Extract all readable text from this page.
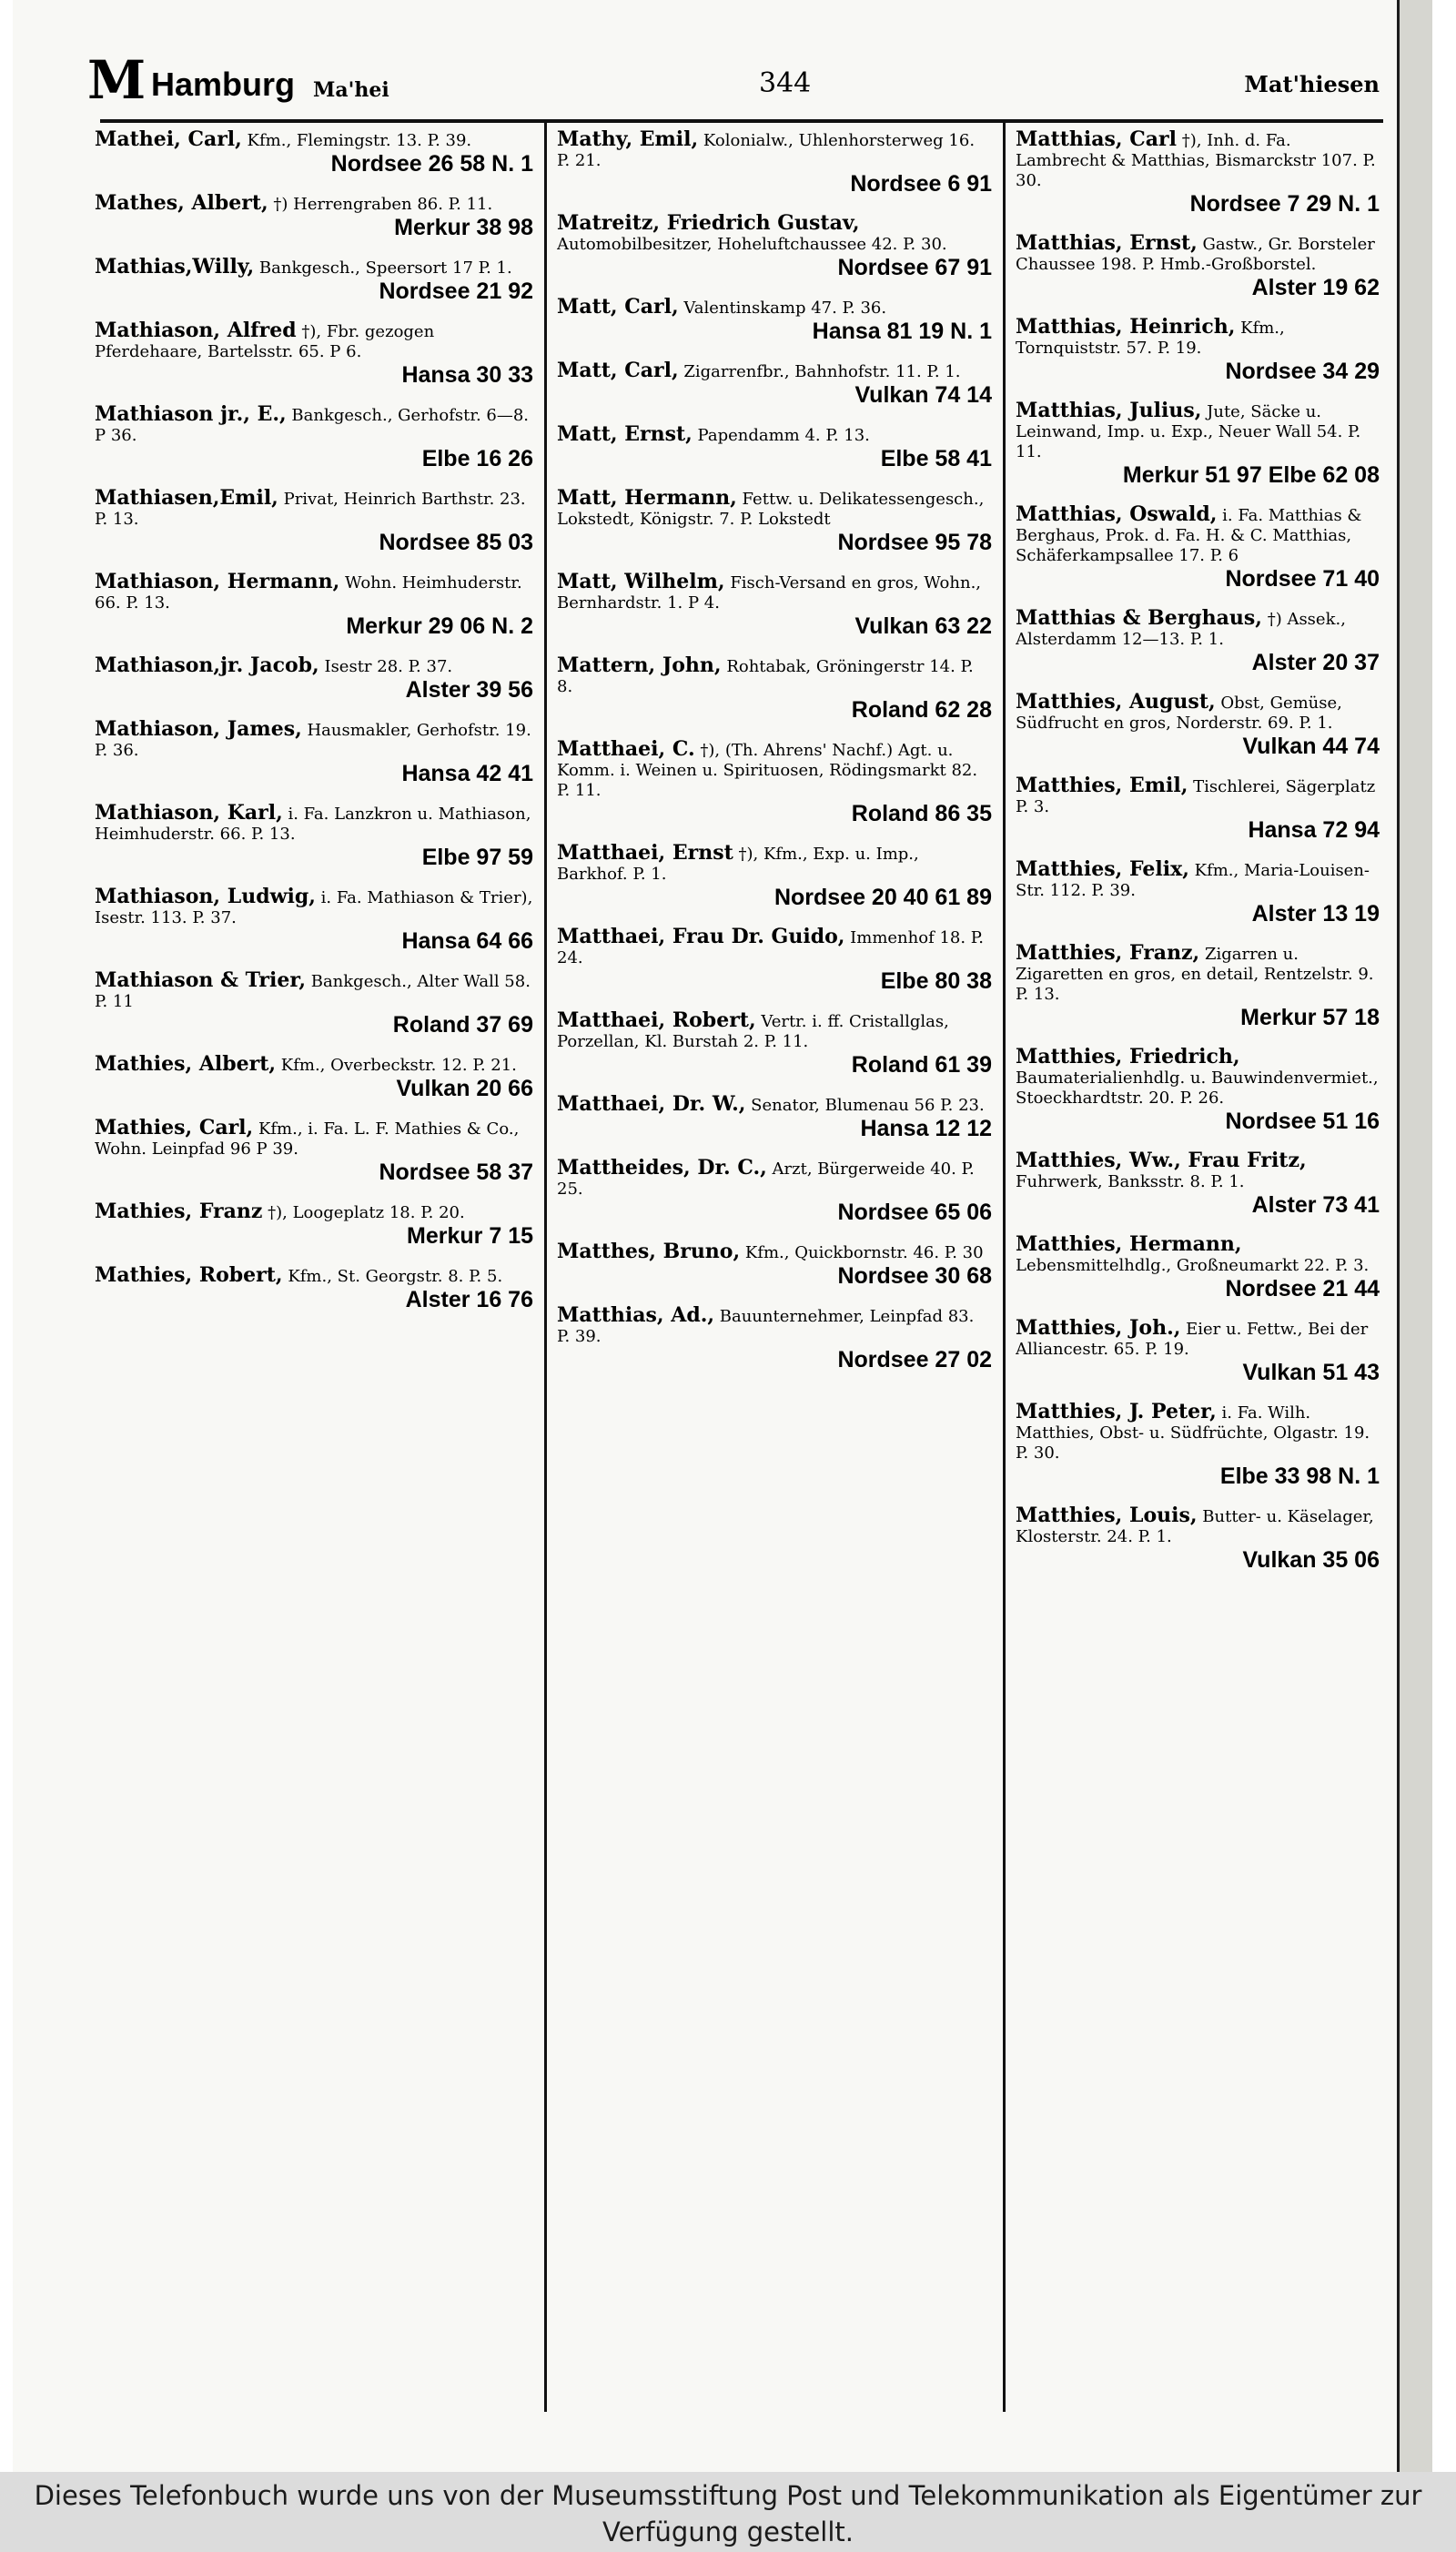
M Hamburg Ma'hei	344	Mat'hiesen
Mathei, Carl, Kfm., Flemingstr. 13. P. 39.
Nordsee 26 58 N. 1
Mathes, Albert, †) Herrengraben 86. P. 11.
Merkur 38 98
Mathias,Willy, Bankgesch., Speersort 17 P. 1.
Nordsee 21 92
Mathiason, Alfred †), Fbr. gezogen Pferdehaare, Bartelsstr. 65. P 6.
Hansa 30 33
Mathiason jr., E., Bankgesch., Gerhofstr. 6—8. P 36.
Elbe 16 26
Mathiasen,Emil, Privat, Heinrich Barthstr. 23. P. 13.
Nordsee 85 03
Mathiason, Hermann, Wohn. Heimhuderstr. 66. P. 13.
Merkur 29 06 N. 2
Mathiason,jr. Jacob, Isestr 28. P. 37.
Alster 39 56
Mathiason, James, Hausmakler, Gerhofstr. 19. P. 36.
Hansa 42 41
Mathiason, Karl, i. Fa. Lanzkron u. Mathiason, Heimhuderstr. 66. P. 13.
Elbe 97 59
Mathiason, Ludwig, i. Fa. Mathiason & Trier), Isestr. 113. P. 37.
Hansa 64 66
Mathiason & Trier, Bankgesch., Alter Wall 58. P. 11
Roland 37 69
Mathies, Albert, Kfm., Overbeckstr. 12. P. 21.
Vulkan 20 66
Mathies, Carl, Kfm., i. Fa. L. F. Mathies & Co., Wohn. Leinpfad 96 P 39.
Nordsee 58 37
Mathies, Franz †), Loogeplatz 18. P. 20.
Merkur 7 15
Mathies, Robert, Kfm., St. Georgstr. 8. P. 5.
Alster 16 76
Mathy, Emil, Kolonialw., Uhlenhorsterweg 16. P. 21.
Nordsee 6 91
Matreitz, Friedrich Gustav, Automobilbesitzer, Hoheluftchaussee 42. P. 30.
Nordsee 67 91
Matt, Carl, Valentinskamp 47. P. 36.
Hansa 81 19 N. 1
Matt, Carl, Zigarrenfbr., Bahnhofstr. 11. P. 1.
Vulkan 74 14
Matt, Ernst, Papendamm 4. P. 13.
Elbe 58 41
Matt, Hermann, Fettw. u. Delikatessengesch., Lokstedt, Königstr. 7. P. Lokstedt
Nordsee 95 78
Matt, Wilhelm, Fisch-Versand en gros, Wohn., Bernhardstr. 1. P 4.
Vulkan 63 22
Mattern, John, Rohtabak, Gröningerstr 14. P. 8.
Roland 62 28
Matthaei, C. †), (Th. Ahrens' Nachf.) Agt. u. Komm. i. Weinen u. Spirituosen, Rödingsmarkt 82. P. 11.
Roland 86 35
Matthaei, Ernst †), Kfm., Exp. u. Imp., Barkhof. P. 1.
Nordsee 20 40 61 89
Matthaei, Frau Dr. Guido, Immenhof 18. P. 24.
Elbe 80 38
Matthaei, Robert, Vertr. i. ff. Cristallglas, Porzellan, Kl. Burstah 2. P. 11.
Roland 61 39
Matthaei, Dr. W., Senator, Blumenau 56 P. 23.
Hansa 12 12
Mattheides, Dr. C., Arzt, Bürgerweide 40. P. 25.
Nordsee 65 06
Matthes, Bruno, Kfm., Quickbornstr. 46. P. 30
Nordsee 30 68
Matthias, Ad., Bauunternehmer, Leinpfad 83. P. 39.
Nordsee 27 02
Matthias, Carl †), Inh. d. Fa. Lambrecht & Matthias, Bismarckstr 107. P. 30.
Nordsee 7 29 N. 1
Matthias, Ernst, Gastw., Gr. Borsteler Chaussee 198. P. Hmb.-Großborstel.
Alster 19 62
Matthias, Heinrich, Kfm., Tornquiststr. 57. P. 19.
Nordsee 34 29
Matthias, Julius, Jute, Säcke u. Leinwand, Imp. u. Exp., Neuer Wall 54. P. 11.
Merkur 51 97 Elbe 62 08
Matthias, Oswald, i. Fa. Matthias & Berghaus, Prok. d. Fa. H. & C. Matthias, Schäferkampsallee 17. P. 6
Nordsee 71 40
Matthias & Berghaus, †) Assek., Alsterdamm 12—13. P. 1.
Alster 20 37
Matthies, August, Obst, Gemüse, Südfrucht en gros, Norderstr. 69. P. 1.
Vulkan 44 74
Matthies, Emil, Tischlerei, Sägerplatz P. 3.
Hansa 72 94
Matthies, Felix, Kfm., Maria-Louisen-Str. 112. P. 39.
Alster 13 19
Matthies, Franz, Zigarren u. Zigaretten en gros, en detail, Rentzelstr. 9. P. 13.
Merkur 57 18
Matthies, Friedrich, Baumaterialienhdlg. u. Bauwindenvermiet., Stoeckhardtstr. 20. P. 26.
Nordsee 51 16
Matthies, Ww., Frau Fritz, Fuhrwerk, Banksstr. 8. P. 1.
Alster 73 41
Matthies, Hermann, Lebensmittelhdlg., Großneumarkt 22. P. 3.
Nordsee 21 44
Matthies, Joh., Eier u. Fettw., Bei der Alliancestr. 65. P. 19.
Vulkan 51 43
Matthies, J. Peter, i. Fa. Wilh. Matthies, Obst- u. Südfrüchte, Olgastr. 19. P. 30.
Elbe 33 98 N. 1
Matthies, Louis, Butter- u. Käselager, Klosterstr. 24. P. 1.
Vulkan 35 06
Dieses Telefonbuch wurde uns von der Museumsstiftung Post und Telekommunikation als Eigentümer zur Verfügung gestellt.
